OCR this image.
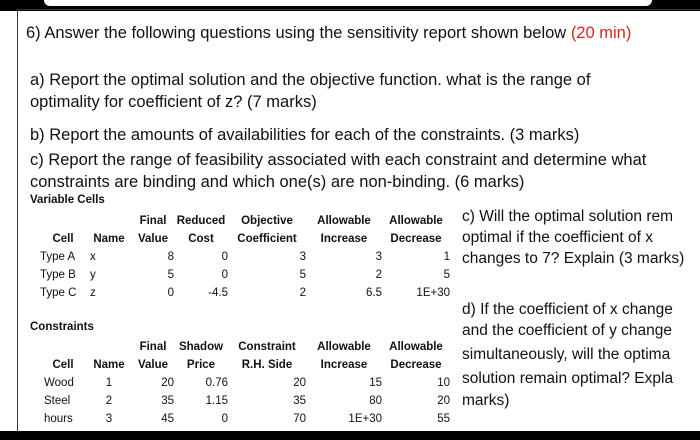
6) Answer the following questions using the sensitivity report shown below (20 min)
a) Report the optimal solution and the objective function. what is the range of
optimality for coefficient of z? (7 marks)
b) Report the amounts of availabilities for each of the constraints. (3 marks)
c) Report the range of feasibility associated with each constraint and determine what
constraints are binding and which one(s) are non-binding. (6 marks)
Variable Cells
		Final	Reduced	Objective	Allowable	Allowable
Cell	Name	Value	Cost	Coefficient	Increase	Decrease
Type A	x	8	0	3	3	1
Type B	y	5	0	5	2	5
Type C	z	0	-4.5	2	6.5	1E+30
Constraints
		Final	Shadow	Constraint	Allowable	Allowable
Cell	Name	Value	Price	R.H. Side	Increase	Decrease
Wood	1	20	0.76	20	15	10
Steel	2	35	1.15	35	80	20
hours	3	45	0	70	1E+30	55
c) Will the optimal solution rem
optimal if the coefficient of x
changes to 7? Explain (3 marks)
d) If the coefficient of x change
and the coefficient of y change
simultaneously, will the optima
solution remain optimal? Expla
marks)
